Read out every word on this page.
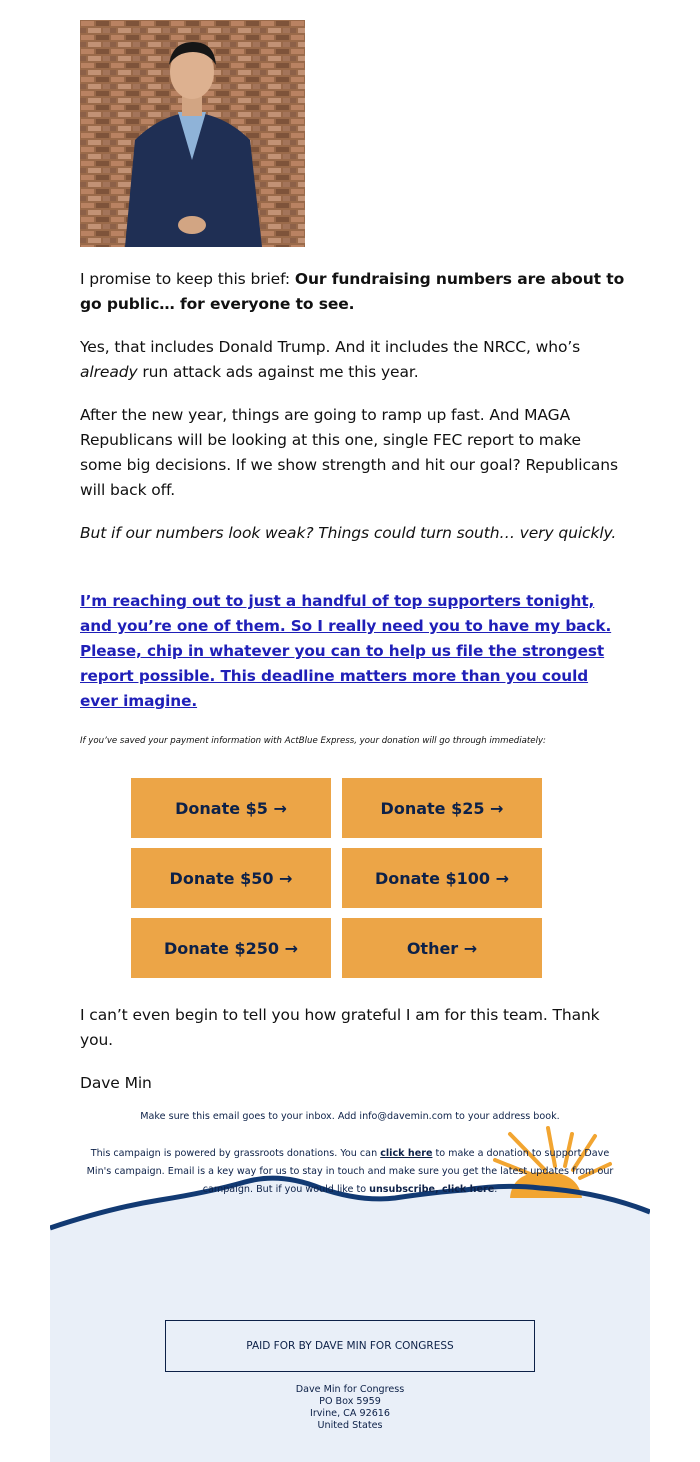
I promise to keep this brief: Our fundraising numbers are about to go public… for everyone to see.

Yes, that includes Donald Trump. And it includes the NRCC, who’s already run attack ads against me this year.

After the new year, things are going to ramp up fast. And MAGA Republicans will be looking at this one, single FEC report to make some big decisions. If we show strength and hit our goal? Republicans will back off.

But if our numbers look weak? Things could turn south… very quickly.

I’m reaching out to just a handful of top supporters tonight, and you’re one of them. So I really need you to have my back. Please, chip in whatever you can to help us file the strongest report possible. This deadline matters more than you could ever imagine.

If you’ve saved your payment information with ActBlue Express, your donation will go through immediately:
Donate $5 →	Donate $25 →
Donate $50 →	Donate $100 →
Donate $250 →	Other →

I can’t even begin to tell you how grateful I am for this team. Thank you.

Dave Min

Make sure this email goes to your inbox. Add info@davemin.com to your address book.
This campaign is powered by grassroots donations. You can click here to make a donation to support Dave Min's campaign. Email is a key way for us to stay in touch and make sure you get the latest updates from our campaign. But if you would like to unsubscribe, click here.
PAID FOR BY DAVE MIN FOR CONGRESS
Dave Min for Congress
PO Box 5959
Irvine, CA 92616
United States
